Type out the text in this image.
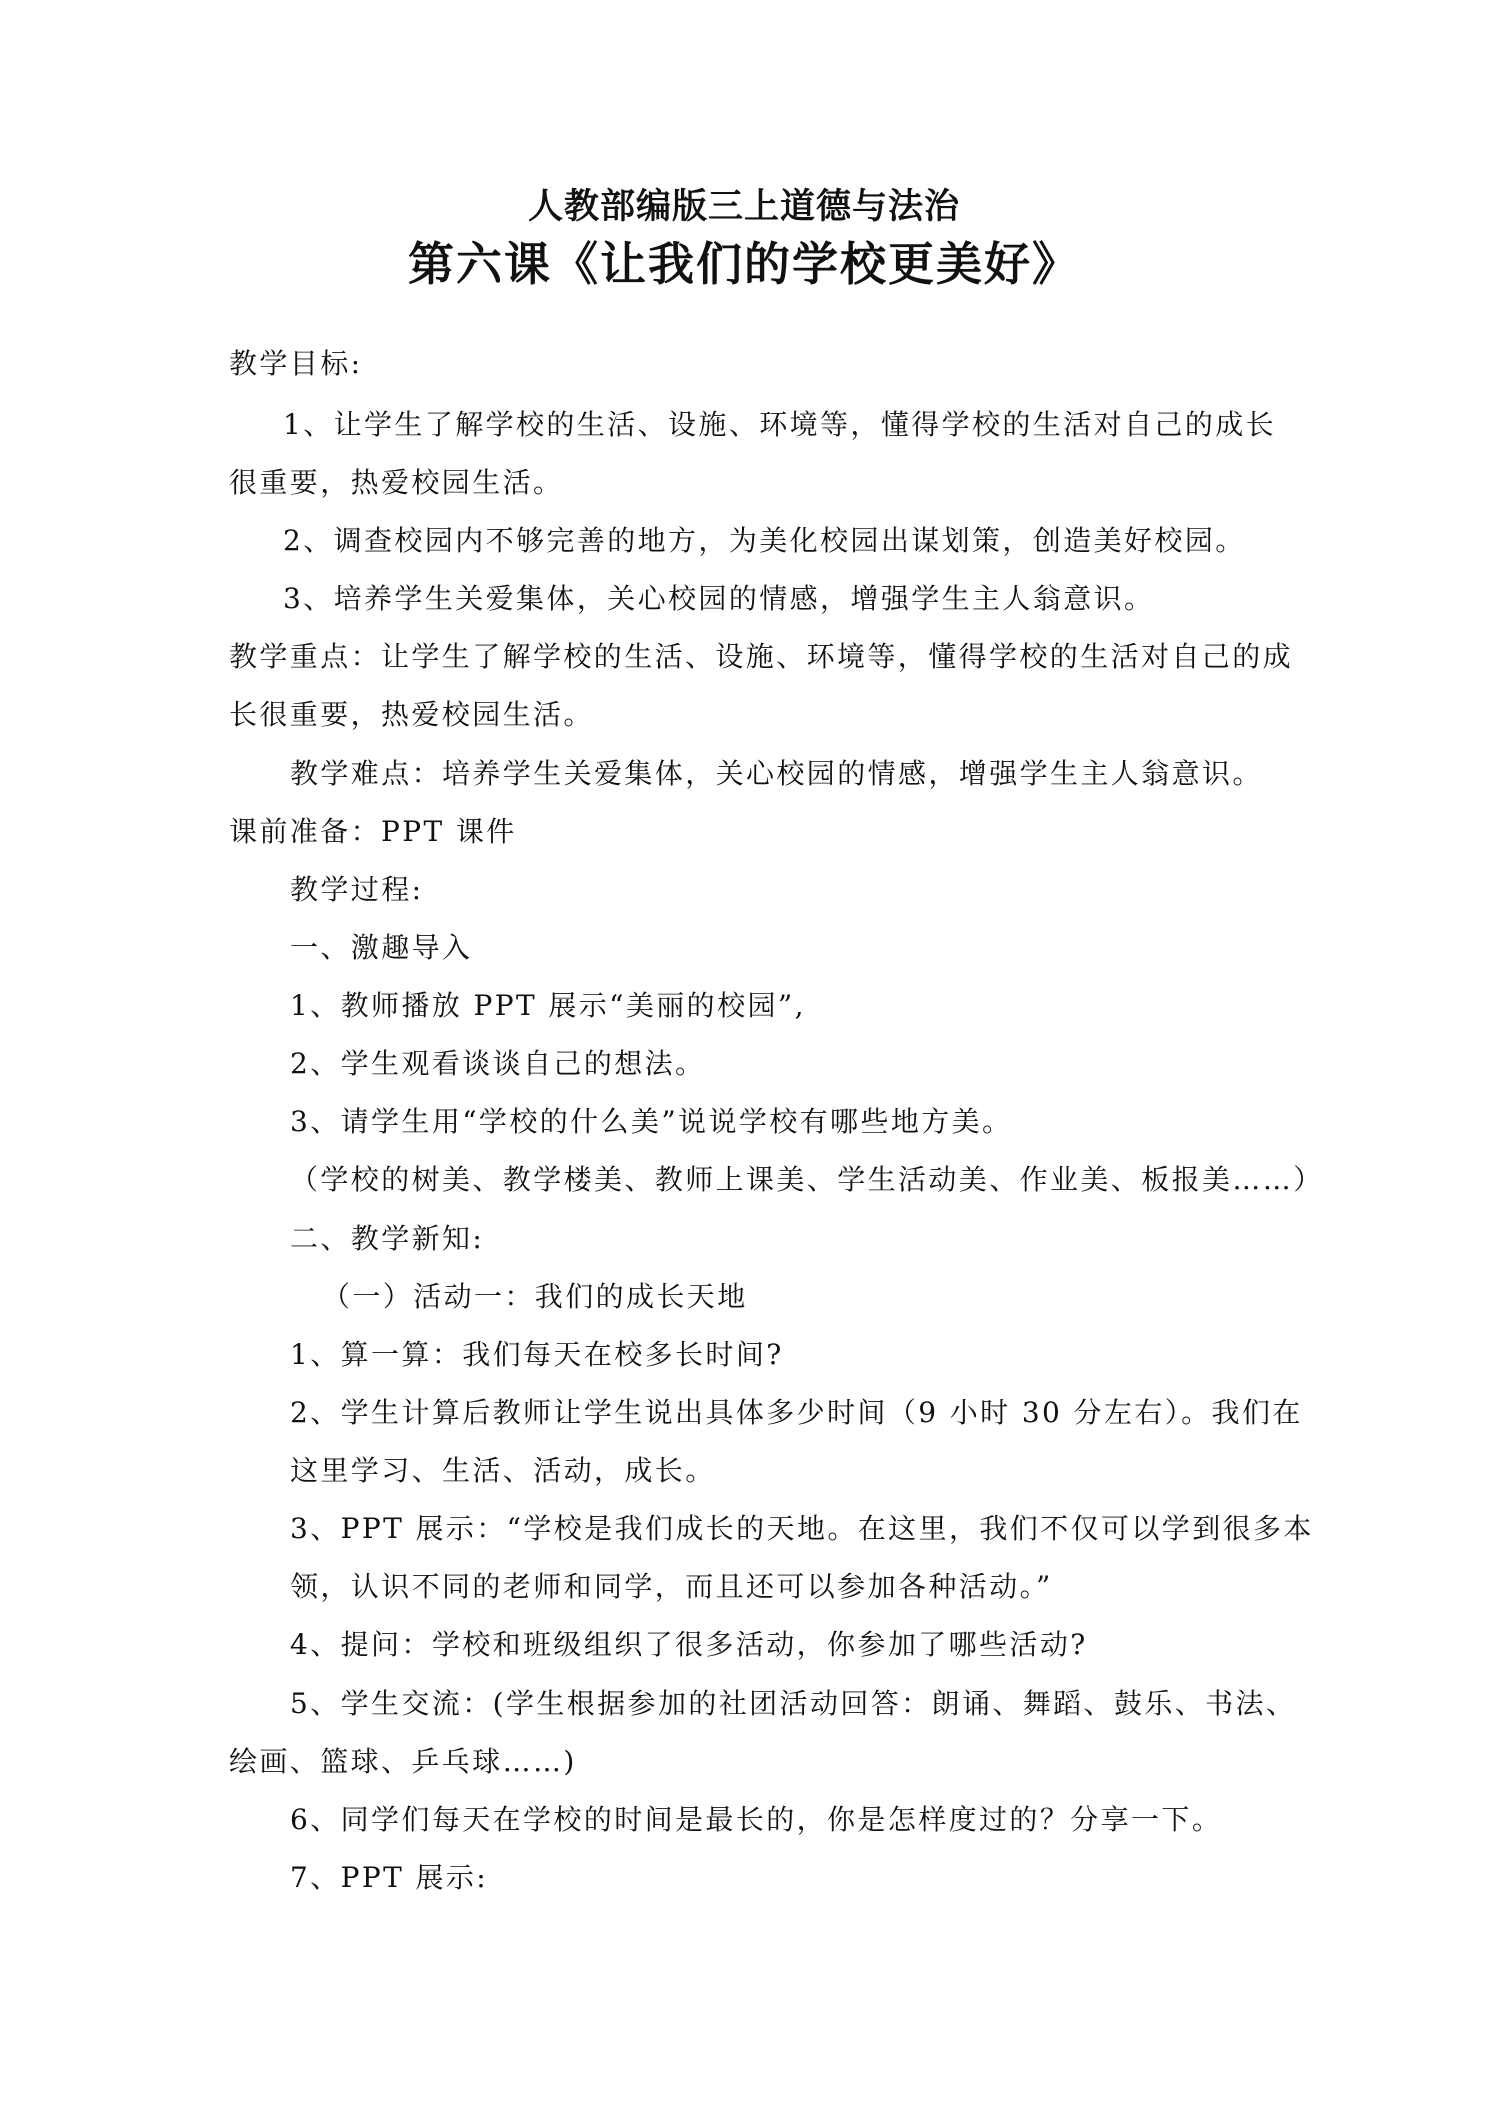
人教部编版三上道德与法治
第六课《让我们的学校更美好》
教学目标:
1、让学生了解学校的生活、设施、环境等，懂得学校的生活对自己的成长
很重要，热爱校园生活。
2、调查校园内不够完善的地方，为美化校园出谋划策，创造美好校园。
3、培养学生关爱集体，关心校园的情感，增强学生主人翁意识。
教学重点：让学生了解学校的生活、设施、环境等，懂得学校的生活对自己的成
长很重要，热爱校园生活。
教学难点：培养学生关爱集体，关心校园的情感，增强学生主人翁意识。
课前准备：PPT 课件
教学过程:
一、激趣导入
1、教师播放 PPT 展示“美丽的校园”,
2、学生观看谈谈自己的想法。
3、请学生用“学校的什么美”说说学校有哪些地方美。
（学校的树美、教学楼美、教师上课美、学生活动美、作业美、板报美……）
二、教学新知:
（一）活动一：我们的成长天地
1、算一算：我们每天在校多长时间?
2、学生计算后教师让学生说出具体多少时间（9 小时 30 分左右）。我们在
这里学习、生活、活动，成长。
3、PPT 展示：“学校是我们成长的天地。在这里，我们不仅可以学到很多本
领，认识不同的老师和同学，而且还可以参加各种活动。”
4、提问：学校和班级组织了很多活动，你参加了哪些活动?
5、学生交流：(学生根据参加的社团活动回答：朗诵、舞蹈、鼓乐、书法、
绘画、篮球、乒乓球……)
6、同学们每天在学校的时间是最长的，你是怎样度过的？分享一下。
7、PPT 展示:
